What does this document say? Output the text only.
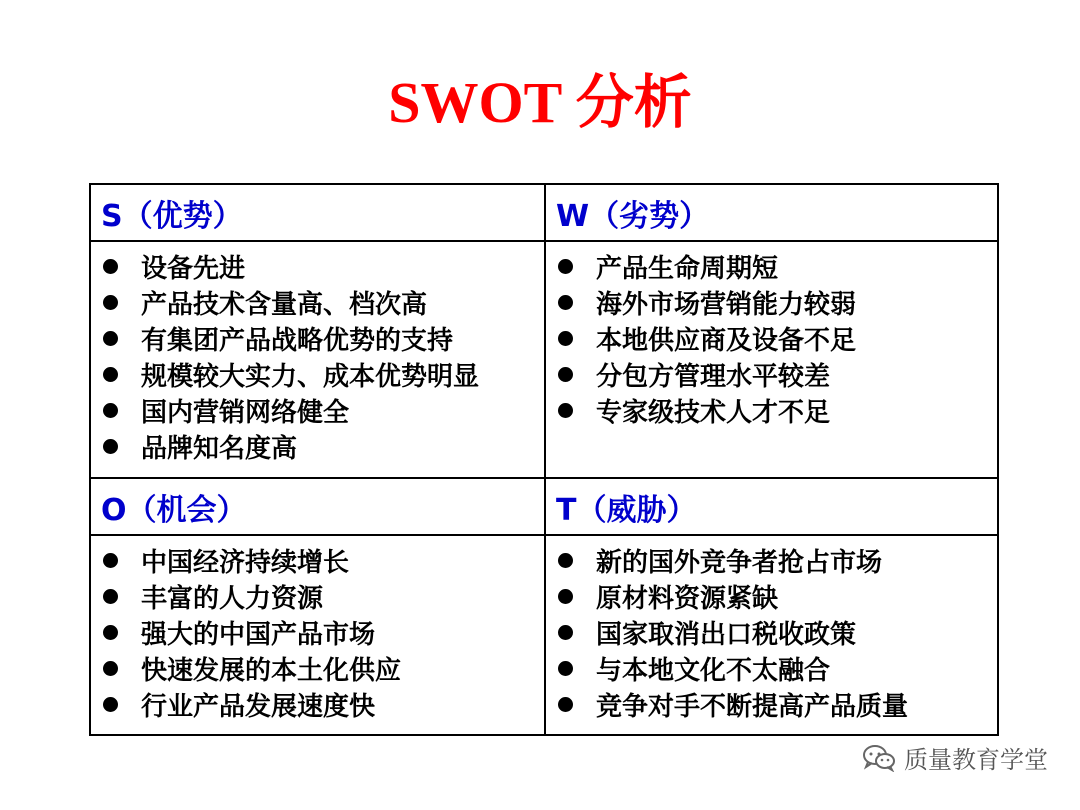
SWOT 分析
S（优势）	W（劣势）
设备先进
产品技术含量高、档次高
有集团产品战略优势的支持
规模较大实力、成本优势明显
国内营销网络健全
品牌知名度高
产品生命周期短
海外市场营销能力较弱
本地供应商及设备不足
分包方管理水平较差
专家级技术人才不足
O（机会）	T（威胁）
中国经济持续增长
丰富的人力资源
强大的中国产品市场
快速发展的本土化供应
行业产品发展速度快
新的国外竞争者抢占市场
原材料资源紧缺
国家取消出口税收政策
与本地文化不太融合
竞争对手不断提高产品质量
质量教育学堂
